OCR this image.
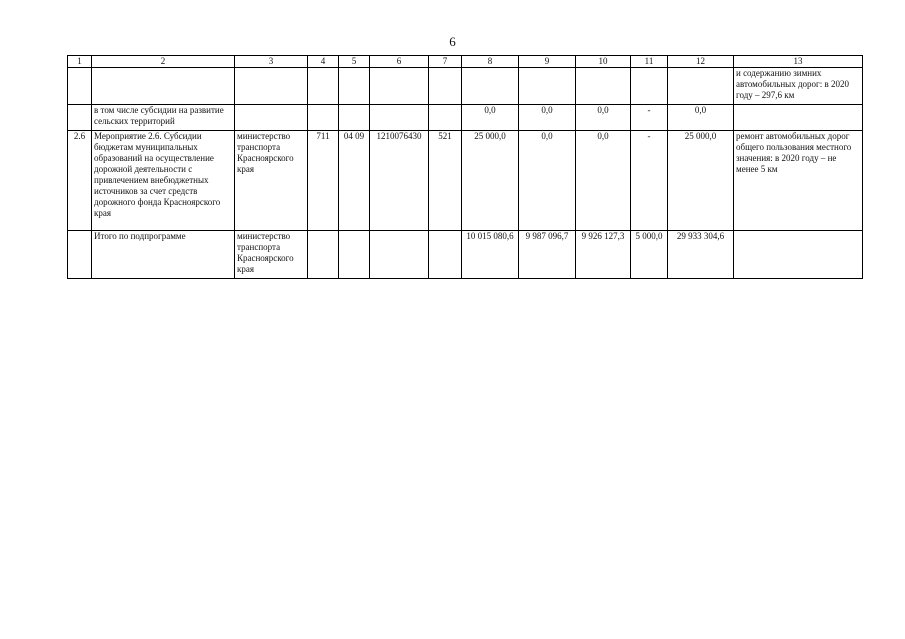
6
1	2	3	4	5	6	7	8	9	10	11	12	13
												и содержанию зимних автомобильных дорог: в 2020 году – 297,6 км
	в том числе субсидии на развитие сельских территорий						0,0	0,0	0,0	-	0,0	
2.6	Мероприятие 2.6. Субсидии бюджетам муниципальных образований на осуществление дорожной деятельности с привлечением внебюджетных источников за счет средств дорожного фонда Красноярского края	министерство транспорта Красноярского края	711	04 09	1210076430	521	25 000,0	0,0	0,0	-	25 000,0	ремонт автомобильных дорог общего пользования местного значения: в 2020 году – не менее 5 км
	Итого по подпрограмме	министерство транспорта Красноярского края					10 015 080,6	9 987 096,7	9 926 127,3	5 000,0	29 933 304,6	
